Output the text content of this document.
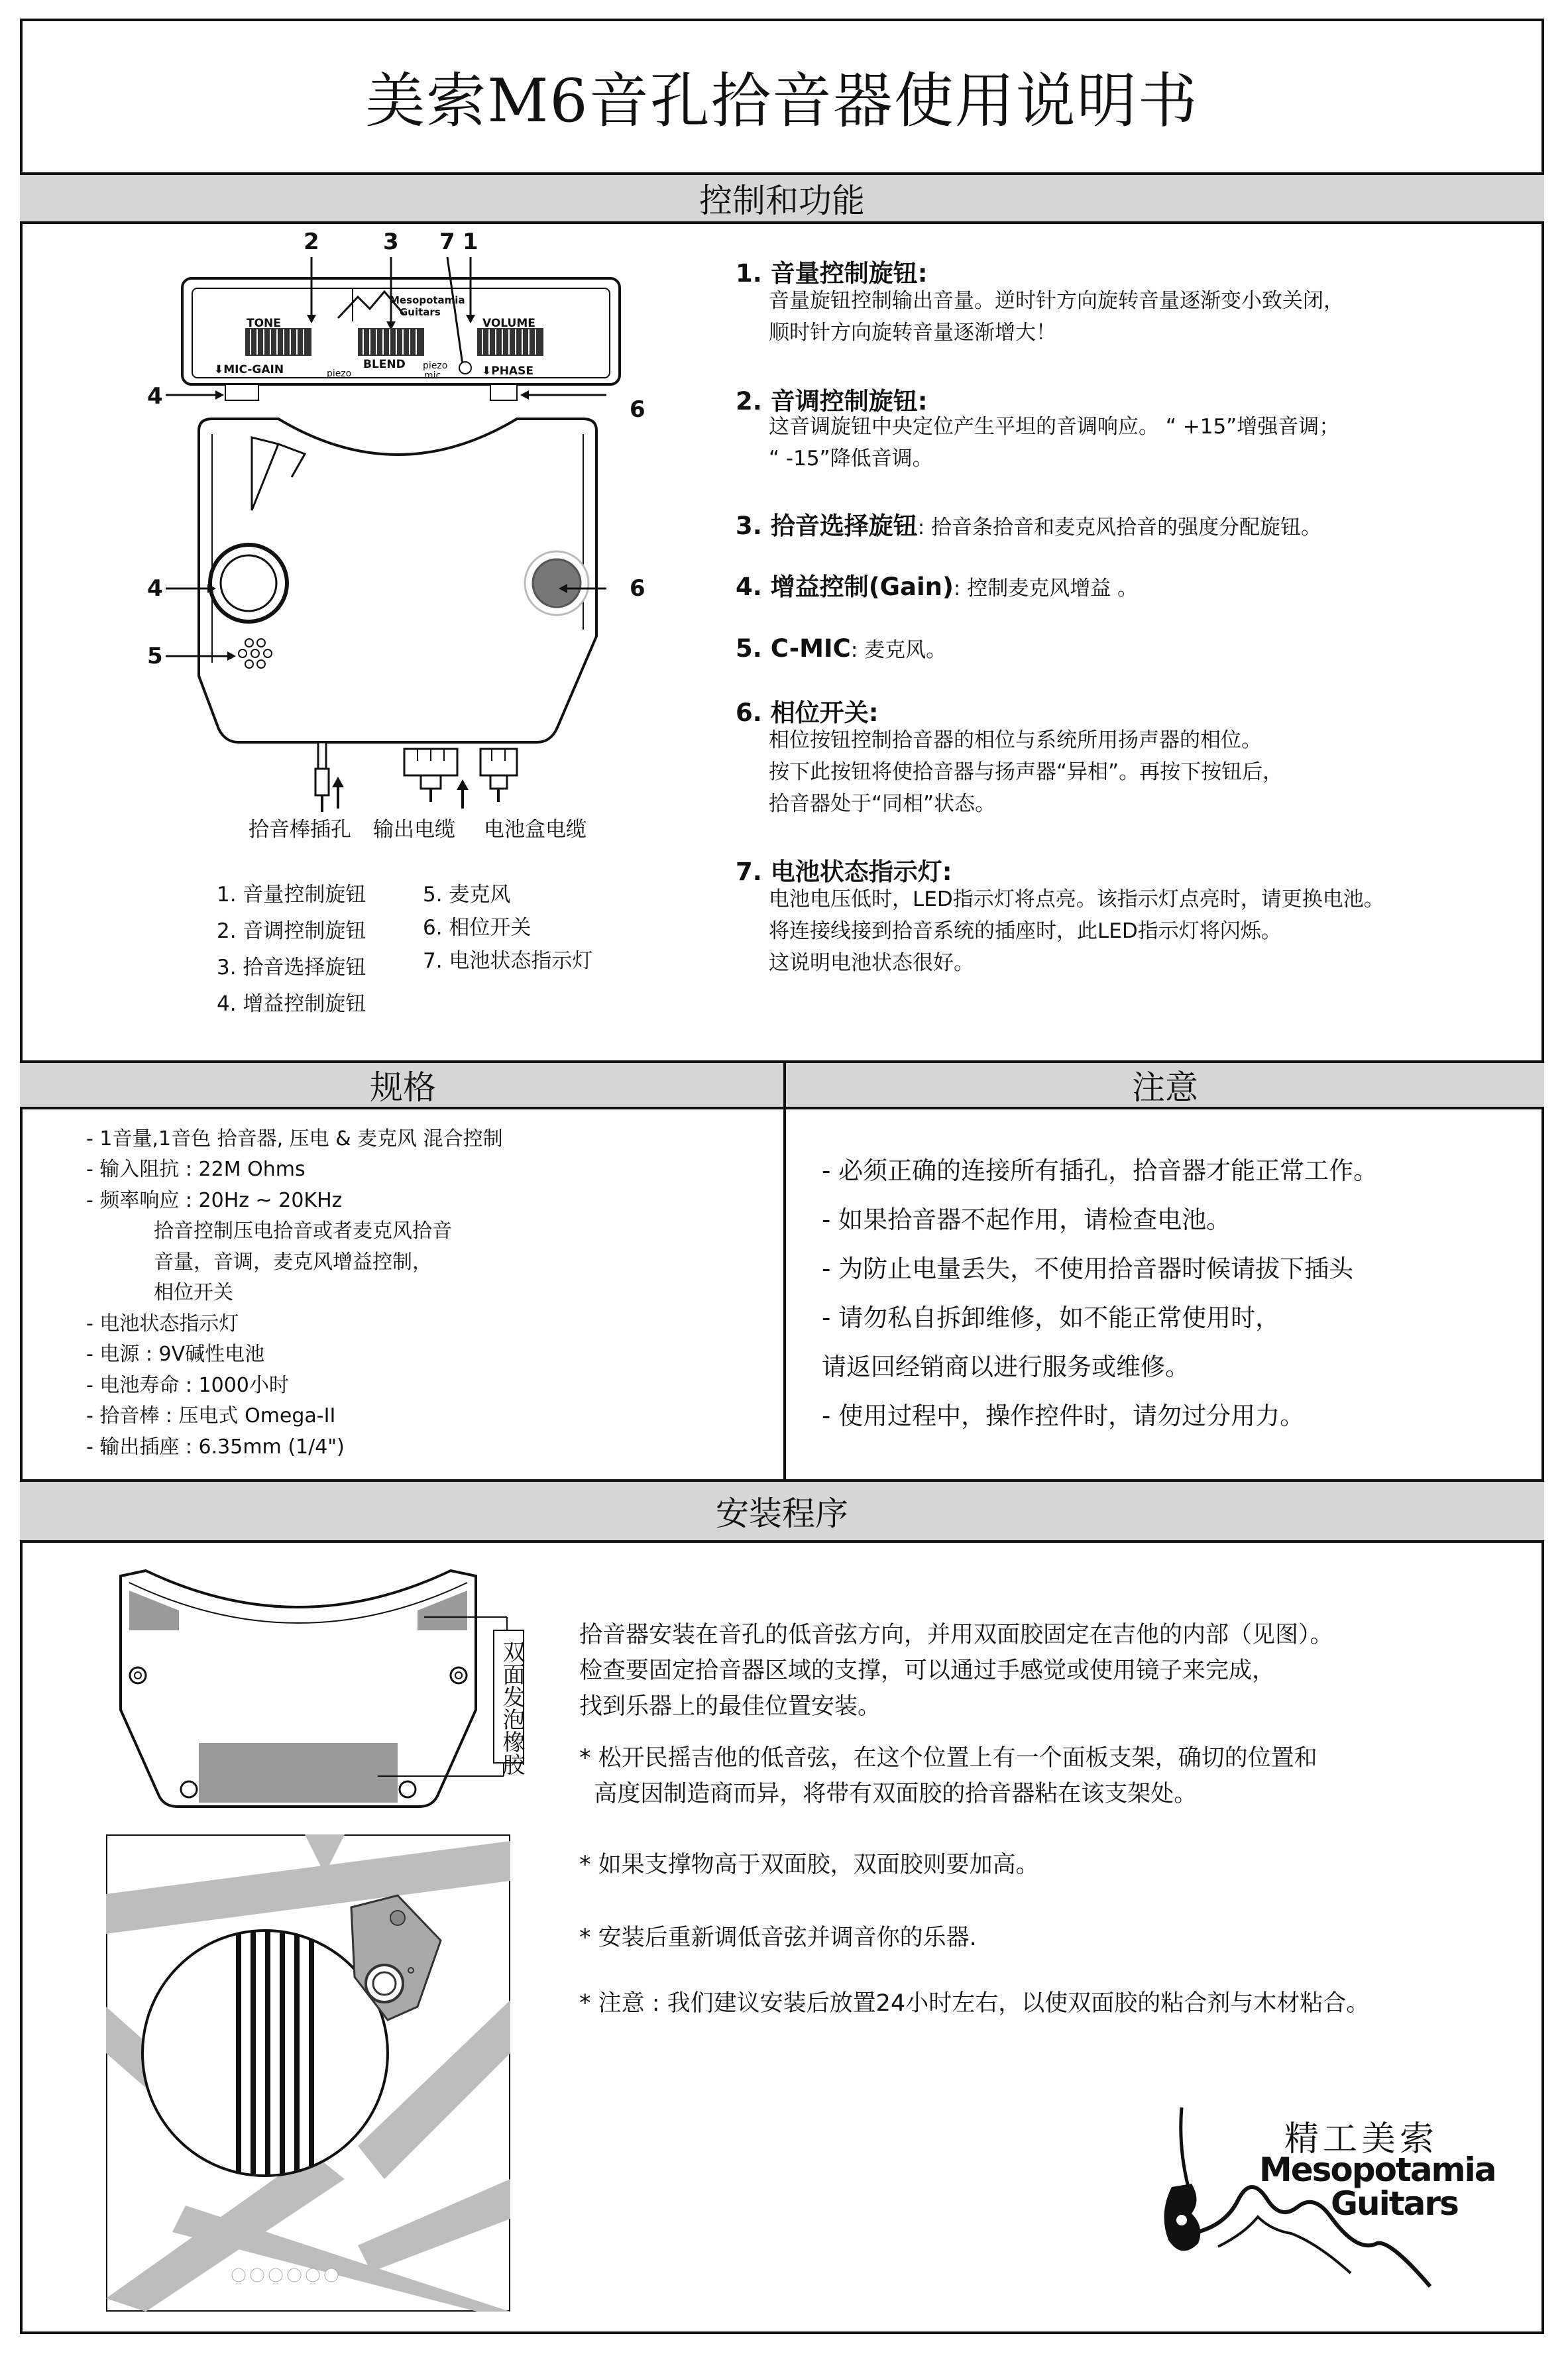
美索M6音孔拾音器使用说明书
控制和功能
规格	注意
安装程序
2	3 7 1
4	6
4	6
5
TONE	VOLUME
⬇MIC-GAIN	BLEND
piezo
piezo
mic	⬇PHASE
Mesopotamia
Guitars
拾音棒插孔 输出电缆 电池盒电缆
1. 音量控制旋钮
2. 音调控制旋钮
3. 拾音选择旋钮
4. 增益控制旋钮
5. 麦克风
6. 相位开关
7. 电池状态指示灯
1. 音量控制旋钮:
音量旋钮控制输出音量。逆时针方向旋转音量逐渐变小致关闭，
顺时针方向旋转音量逐渐增大！
2. 音调控制旋钮:
这音调旋钮中央定位产生平坦的音调响应。 “ +15”增强音调；
“ -15”降低音调。
3. 拾音选择旋钮: 拾音条拾音和麦克风拾音的强度分配旋钮。
4. 增益控制(Gain): 控制麦克风增益 。
5. C-MIC: 麦克风。
6. 相位开关:
相位按钮控制拾音器的相位与系统所用扬声器的相位。
按下此按钮将使拾音器与扬声器“异相”。再按下按钮后，
拾音器处于“同相”状态。
7. 电池状态指示灯:
电池电压低时，LED指示灯将点亮。该指示灯点亮时，请更换电池。
将连接线接到拾音系统的插座时，此LED指示灯将闪烁。
这说明电池状态很好。
- 1音量,1音色 拾音器, 压电 & 麦克风 混合控制
- 输入阻抗 : 22M Ohms
- 频率响应 : 20Hz ~ 20KHz
拾音控制压电拾音或者麦克风拾音
音量，音调，麦克风增益控制，
相位开关
- 电池状态指示灯
- 电源 : 9V碱性电池
- 电池寿命 : 1000小时
- 拾音棒 : 压电式 Omega-II
- 输出插座 : 6.35mm (1/4")
- 必须正确的连接所有插孔，拾音器才能正常工作。
- 如果拾音器不起作用，请检查电池。
- 为防止电量丢失，不使用拾音器时候请拔下插头
- 请勿私自拆卸维修，如不能正常使用时，
请返回经销商以进行服务或维修。
- 使用过程中，操作控件时，请勿过分用力。
双面发泡橡胶
拾音器安装在音孔的低音弦方向，并用双面胶固定在吉他的内部（见图）。
检查要固定拾音器区域的支撑，可以通过手感觉或使用镜子来完成，
找到乐器上的最佳位置安装。
* 松开民摇吉他的低音弦，在这个位置上有一个面板支架，确切的位置和
高度因制造商而异，将带有双面胶的拾音器粘在该支架处。
* 如果支撑物高于双面胶，双面胶则要加高。
* 安装后重新调低音弦并调音你的乐器.
* 注意 : 我们建议安装后放置24小时左右，以使双面胶的粘合剂与木材粘合。
精工美索
Mesopotamia
Guitars
